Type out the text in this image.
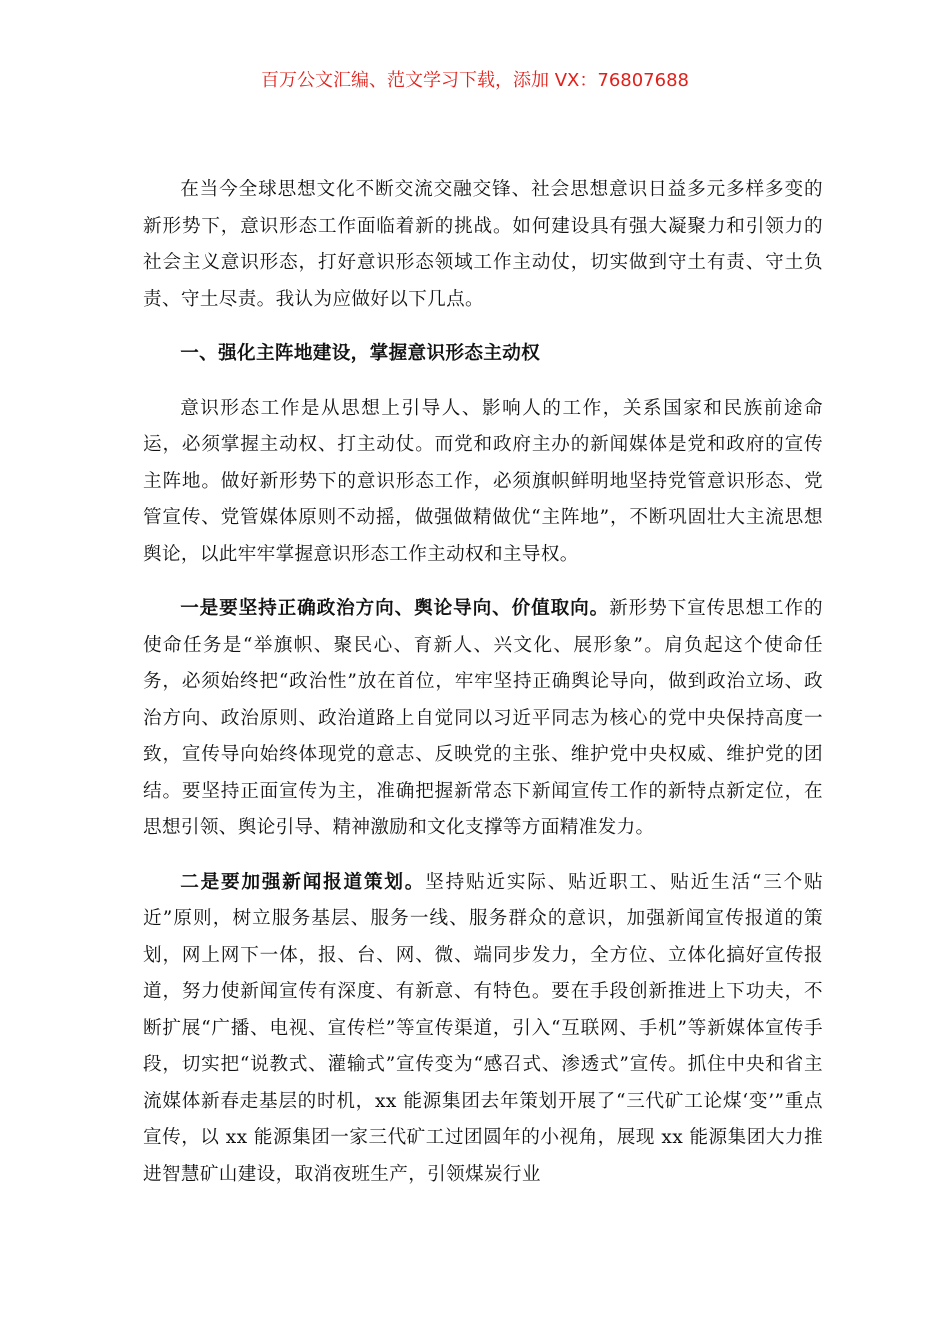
百万公文汇编、范文学习下载，添加 VX：76807688

在当今全球思想文化不断交流交融交锋、社会思想意识日益多元多样多变的新形势下，意识形态工作面临着新的挑战。如何建设具有强大凝聚力和引领力的社会主义意识形态，打好意识形态领域工作主动仗，切实做到守土有责、守土负责、守土尽责。我认为应做好以下几点。

一、强化主阵地建设，掌握意识形态主动权

意识形态工作是从思想上引导人、影响人的工作，关系国家和民族前途命运，必须掌握主动权、打主动仗。而党和政府主办的新闻媒体是党和政府的宣传主阵地。做好新形势下的意识形态工作，必须旗帜鲜明地坚持党管意识形态、党管宣传、党管媒体原则不动摇，做强做精做优“主阵地”，不断巩固壮大主流思想舆论，以此牢牢掌握意识形态工作主动权和主导权。

一是要坚持正确政治方向、舆论导向、价值取向。新形势下宣传思想工作的使命任务是“举旗帜、聚民心、育新人、兴文化、展形象”。肩负起这个使命任务，必须始终把“政治性”放在首位，牢牢坚持正确舆论导向，做到政治立场、政治方向、政治原则、政治道路上自觉同以习近平同志为核心的党中央保持高度一致，宣传导向始终体现党的意志、反映党的主张、维护党中央权威、维护党的团结。要坚持正面宣传为主，准确把握新常态下新闻宣传工作的新特点新定位，在思想引领、舆论引导、精神激励和文化支撑等方面精准发力。

二是要加强新闻报道策划。坚持贴近实际、贴近职工、贴近生活“三个贴近”原则，树立服务基层、服务一线、服务群众的意识，加强新闻宣传报道的策划，网上网下一体，报、台、网、微、端同步发力，全方位、立体化搞好宣传报道，努力使新闻宣传有深度、有新意、有特色。要在手段创新推进上下功夫，不断扩展“广播、电视、宣传栏”等宣传渠道，引入“互联网、手机”等新媒体宣传手段，切实把“说教式、灌输式”宣传变为“感召式、渗透式”宣传。抓住中央和省主流媒体新春走基层的时机，xx 能源集团去年策划开展了“三代矿工论煤‘变’”重点宣传，以 xx 能源集团一家三代矿工过团圆年的小视角，展现 xx 能源集团大力推进智慧矿山建设，取消夜班生产，引领煤炭行业
